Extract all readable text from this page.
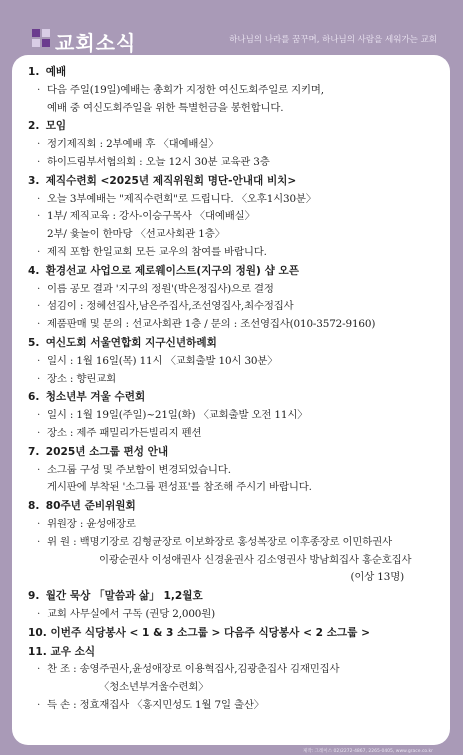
교회소식	하나님의 나라를 꿈꾸며, 하나님의 사람을 세워가는 교회
1. 예배
· 다음 주일(19일)예배는 총회가 지정한 여신도회주일로 지키며,
예배 중 여신도회주일을 위한 특별헌금을 봉헌합니다.
2. 모임
· 정기제직회 : 2부예배 후 〈대예배실〉
· 하이드림부서협의회 : 오늘 12시 30분 교육관 3층
3. 제직수련회 <2025년 제직위원회 명단-안내대 비치>
· 오늘 3부예배는 "제직수련회"로 드립니다. 〈오후1시30분〉
· 1부/ 제직교육 : 강사-이승구목사 〈대예배실〉
2부/ 윷놀이 한마당 〈선교사회관 1층〉
· 제직 포함 한일교회 모든 교우의 참여를 바랍니다.
4. 환경선교 사업으로 제로웨이스트(지구의 정원) 샵 오픈
· 이름 공모 결과 '지구의 정원'(박은정집사)으로 결정
· 섬김이 : 정혜선집사,남은주집사,조선영집사,최수정집사
· 제품판매 및 문의 : 선교사회관 1층 / 문의 : 조선영집사(010-3572-9160)
5. 여신도회 서울연합회 지구신년하례회
· 일시 : 1월 16일(목) 11시 〈교회출발 10시 30분〉
· 장소 : 향린교회
6. 청소년부 겨울 수련회
· 일시 : 1월 19일(주일)~21일(화) 〈교회출발 오전 11시〉
· 장소 : 제주 패밀리가든빌리지 펜션
7. 2025년 소그룹 편성 안내
· 소그룹 구성 및 주보함이 변경되었습니다.
게시판에 부착된 '소그룹 편성표'를 참조해 주시기 바랍니다.
8. 80주년 준비위원회
· 위원장 : 윤성애장로
· 위 원 : 백명기장로 김형균장로 이보화장로 홍성복장로 이후종장로 이민하권사
이광순권사 이성애권사 신경윤권사 김소영권사 방남희집사 홍순호집사
(이상 13명)
9. 월간 묵상 「말씀과 삶」 1,2월호
· 교회 사무실에서 구독 (권당 2,000원)
10. 이번주 식당봉사 < 1 & 3 소그룹 > 다음주 식당봉사 < 2 소그룹 >
11. 교우 소식
· 찬 조 : 송영주권사,윤성애장로 이용혁집사,김광춘집사 김재민집사
〈청소년부겨울수련회〉
· 득 손 : 정효재집사 〈홍지민성도 1월 7일 출산〉
제작: 그레이스 02)2272-4867, 2265-0405, www.grace.co.kr
